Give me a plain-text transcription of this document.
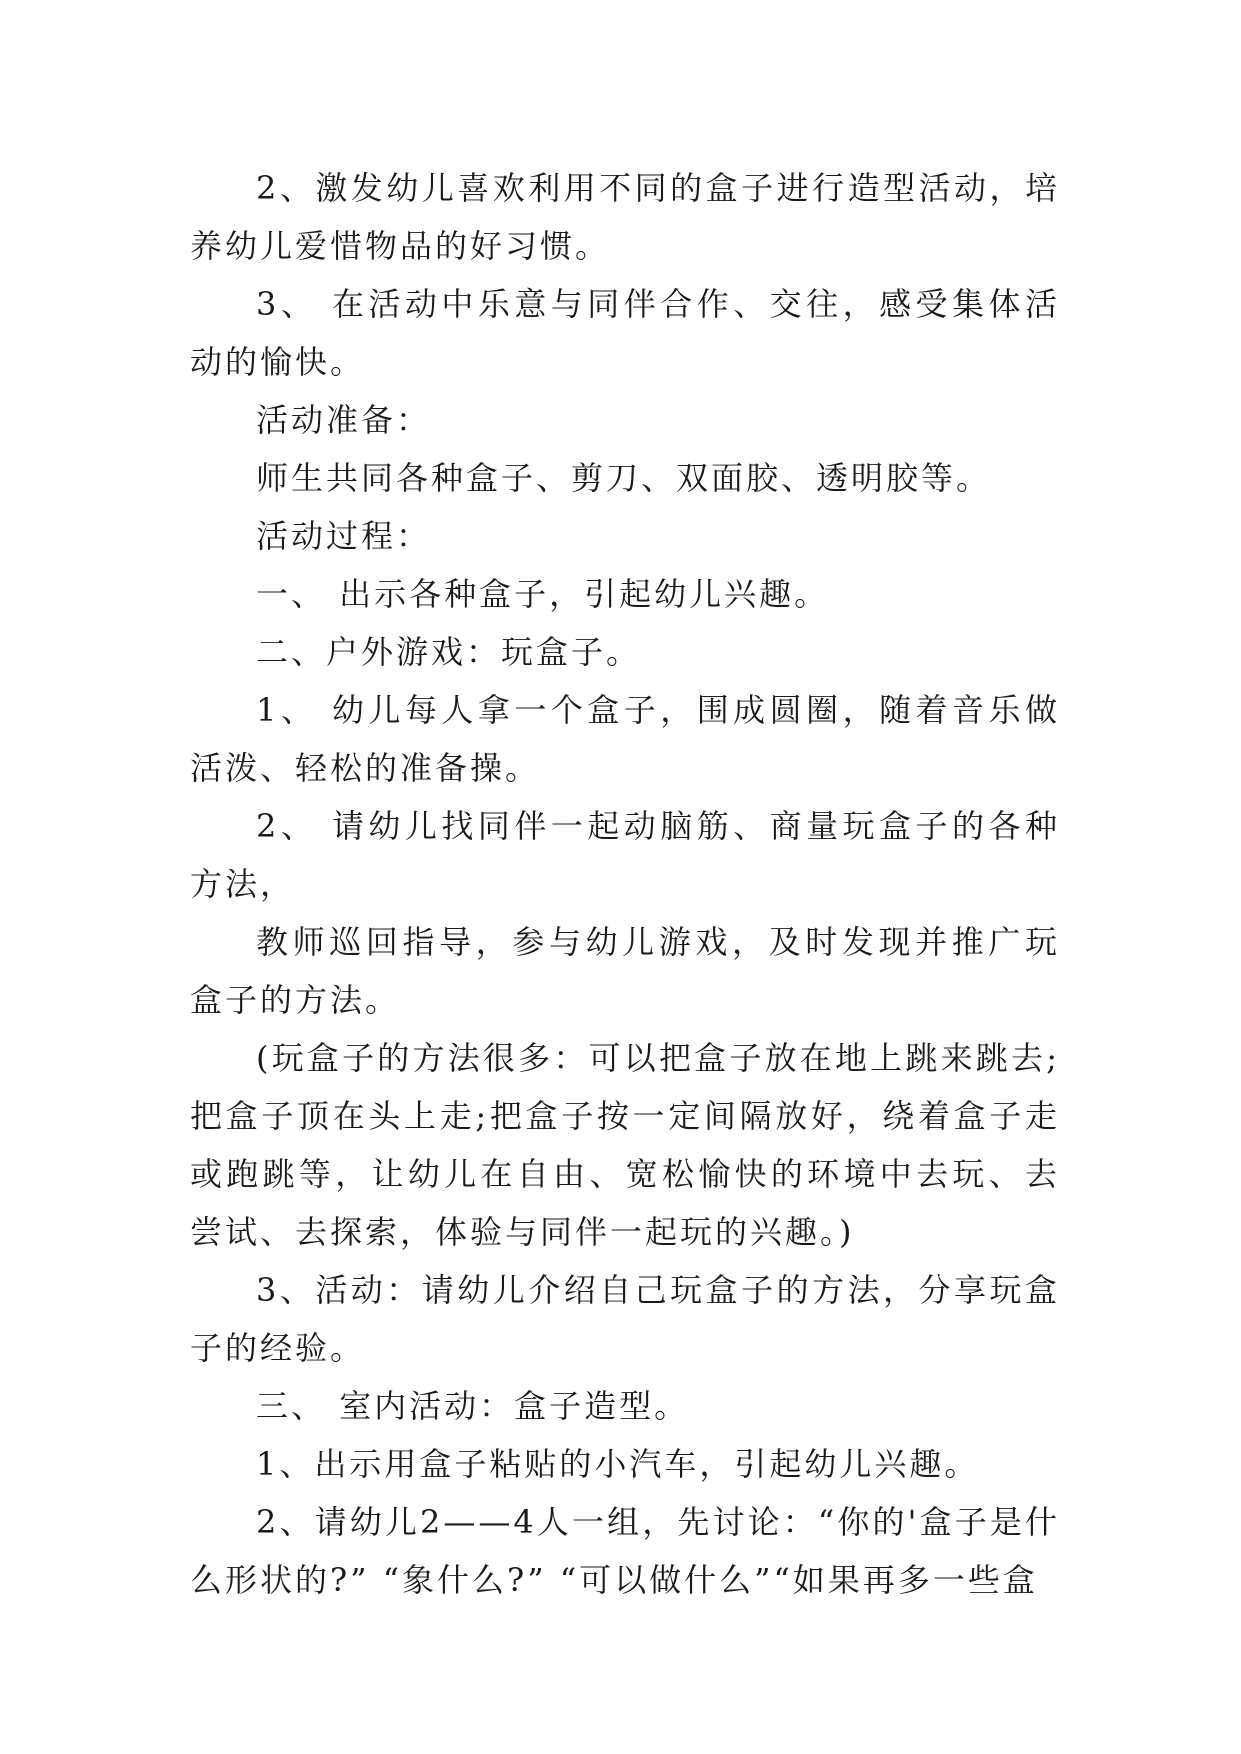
2、激发幼儿喜欢利用不同的盒子进行造型活动，培养幼儿爱惜物品的好习惯。

3、 在活动中乐意与同伴合作、交往，感受集体活动的愉快。

活动准备：

师生共同各种盒子、剪刀、双面胶、透明胶等。

活动过程：

一、 出示各种盒子，引起幼儿兴趣。

二、户外游戏：玩盒子。

1、 幼儿每人拿一个盒子，围成圆圈，随着音乐做活泼、轻松的准备操。

2、 请幼儿找同伴一起动脑筋、商量玩盒子的各种方法，

教师巡回指导，参与幼儿游戏，及时发现并推广玩盒子的方法。

(玩盒子的方法很多：可以把盒子放在地上跳来跳去;把盒子顶在头上走;把盒子按一定间隔放好，绕着盒子走或跑跳等，让幼儿在自由、宽松愉快的环境中去玩、去尝试、去探索，体验与同伴一起玩的兴趣。)

3、活动：请幼儿介绍自己玩盒子的方法，分享玩盒子的经验。

三、 室内活动：盒子造型。

1、出示用盒子粘贴的小汽车，引起幼儿兴趣。

2、请幼儿2——4人一组，先讨论：“你的'盒子是什么形状的?” “象什么?” “可以做什么”“如果再多一些盒
